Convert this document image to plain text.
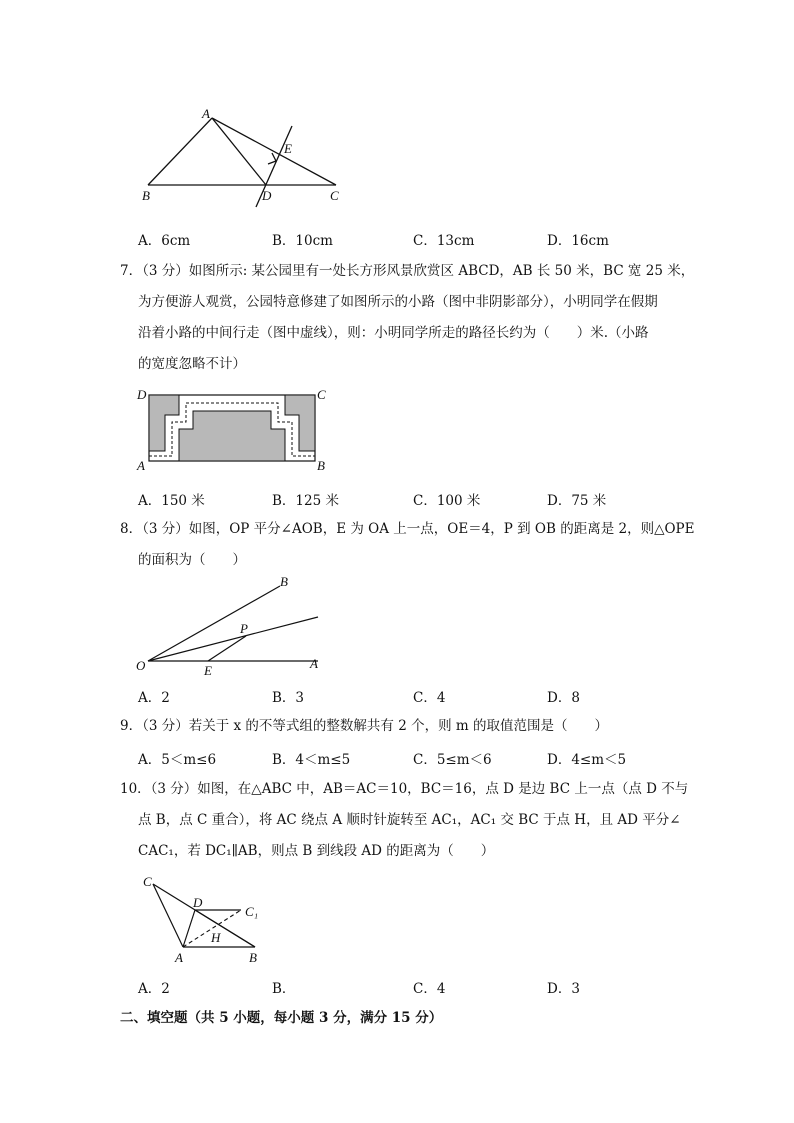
A
B	C
D
E
A．6cm	B．10cm	C．13cm	D．16cm
7．（3 分）如图所示: 某公园里有一处长方形风景欣赏区 ABCD，AB 长 50 米，BC 宽 25 米，
为方便游人观赏，公园特意修建了如图所示的小路（图中非阴影部分），小明同学在假期
沿着小路的中间行走（图中虚线），则：小明同学所走的路径长约为（　　）米.（小路
的宽度忽略不计）
D	C
A	B
A．150 米	B．125 米	C．100 米	D．75 米
8．（3 分）如图，OP 平分∠AOB，E 为 OA 上一点，OE＝4，P 到 OB 的距离是 2，则△OPE
的面积为（　　）
O	A
B
P
E
A．2	B．3	C．4	D．8
9．（3 分）若关于 x 的不等式组的整数解共有 2 个，则 m 的取值范围是（　　）
A．5＜m≤6	B．4＜m≤5	C．5≤m＜6	D．4≤m＜5
10．（3 分）如图，在△ABC 中，AB＝AC＝10，BC＝16，点 D 是边 BC 上一点（点 D 不与
点 B，点 C 重合），将 AC 绕点 A 顺时针旋转至 AC₁，AC₁ 交 BC 于点 H，且 AD 平分∠
CAC₁，若 DC₁∥AB，则点 B 到线段 AD 的距离为（　　）
C
D
C₁
H
A	B
A．2	B．	C．4	D．3
二、填空题（共 5 小题，每小题 3 分，满分 15 分）
